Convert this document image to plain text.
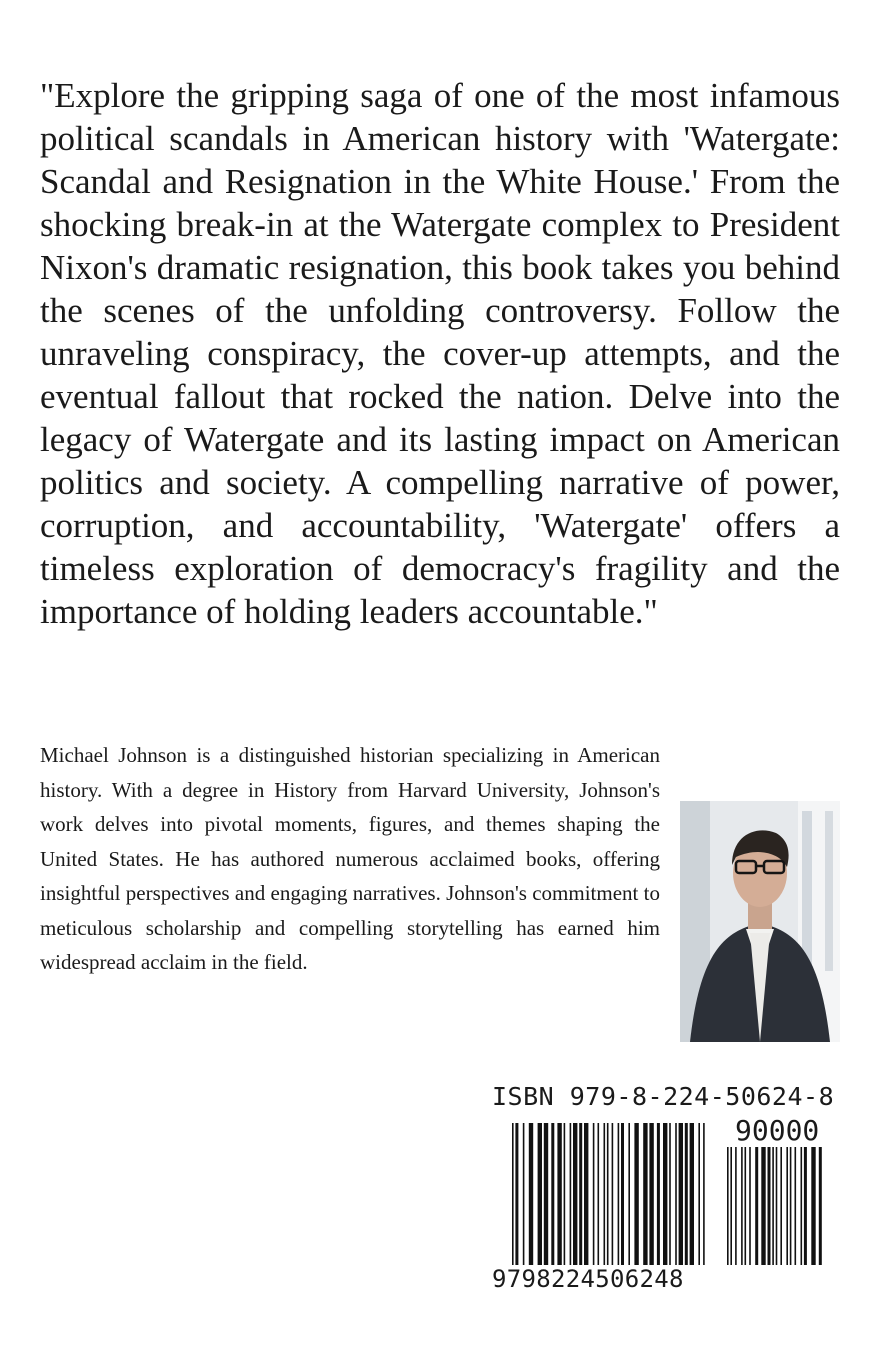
"Explore the gripping saga of one of the most infamous political scandals in American history with 'Watergate: Scandal and Resignation in the White House.' From the shocking break-in at the Watergate complex to President Nixon's dramatic resignation, this book takes you behind the scenes of the unfolding controversy. Follow the unraveling conspiracy, the cover-up attempts, and the eventual fallout that rocked the nation. Delve into the legacy of Watergate and its lasting impact on American politics and society. A compelling narrative of power, corruption, and accountability, 'Watergate' offers a timeless exploration of democracy's fragility and the importance of holding leaders accountable."

Michael Johnson is a distinguished historian specializing in American history. With a degree in History from Harvard University, Johnson's work delves into pivotal moments, figures, and themes shaping the United States. He has authored numerous acclaimed books, offering insightful perspectives and engaging narratives. Johnson's commitment to meticulous scholarship and compelling storytelling has earned him widespread acclaim in the field.

ISBN 979-8-224-50624-8
90000
9798224506248
